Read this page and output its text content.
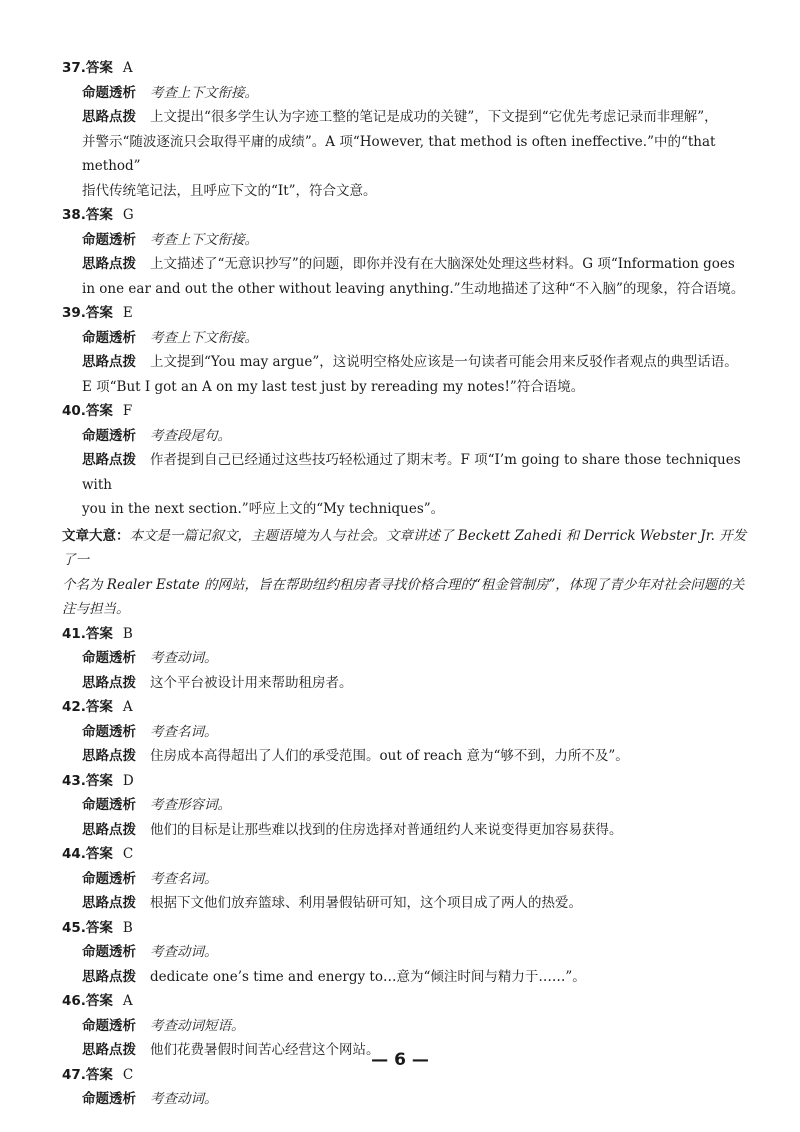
37.答案 A
命题透析 考查上下文衔接。
思路点拨 上文提出“很多学生认为字迹工整的笔记是成功的关键”，下文提到“它优先考虑记录而非理解”，
并警示“随波逐流只会取得平庸的成绩”。A 项“However, that method is often ineffective.”中的“that method”
指代传统笔记法，且呼应下文的“It”，符合文意。
38.答案 G
命题透析 考查上下文衔接。
思路点拨 上文描述了“无意识抄写”的问题，即你并没有在大脑深处处理这些材料。G 项“Information goes
in one ear and out the other without leaving anything.”生动地描述了这种“不入脑”的现象，符合语境。
39.答案 E
命题透析 考查上下文衔接。
思路点拨 上文提到“You may argue”，这说明空格处应该是一句读者可能会用来反驳作者观点的典型话语。
E 项“But I got an A on my last test just by rereading my notes!”符合语境。
40.答案 F
命题透析 考查段尾句。
思路点拨 作者提到自己已经通过这些技巧轻松通过了期末考。F 项“I’m going to share those techniques with
you in the next section.”呼应上文的“My techniques”。
文章大意：本文是一篇记叙文，主题语境为人与社会。文章讲述了 Beckett Zahedi 和 Derrick Webster Jr. 开发了一
个名为 Realer Estate 的网站，旨在帮助纽约租房者寻找价格合理的“租金管制房”，体现了青少年对社会问题的关
注与担当。
41.答案 B
命题透析 考查动词。
思路点拨 这个平台被设计用来帮助租房者。
42.答案 A
命题透析 考查名词。
思路点拨 住房成本高得超出了人们的承受范围。out of reach 意为“够不到，力所不及”。
43.答案 D
命题透析 考查形容词。
思路点拨 他们的目标是让那些难以找到的住房选择对普通纽约人来说变得更加容易获得。
44.答案 C
命题透析 考查名词。
思路点拨 根据下文他们放弃篮球、利用暑假钻研可知，这个项目成了两人的热爱。
45.答案 B
命题透析 考查动词。
思路点拨 dedicate one’s time and energy to…意为“倾注时间与精力于……”。
46.答案 A
命题透析 考查动词短语。
思路点拨 他们花费暑假时间苦心经营这个网站。
47.答案 C
命题透析 考查动词。
— 6 —
